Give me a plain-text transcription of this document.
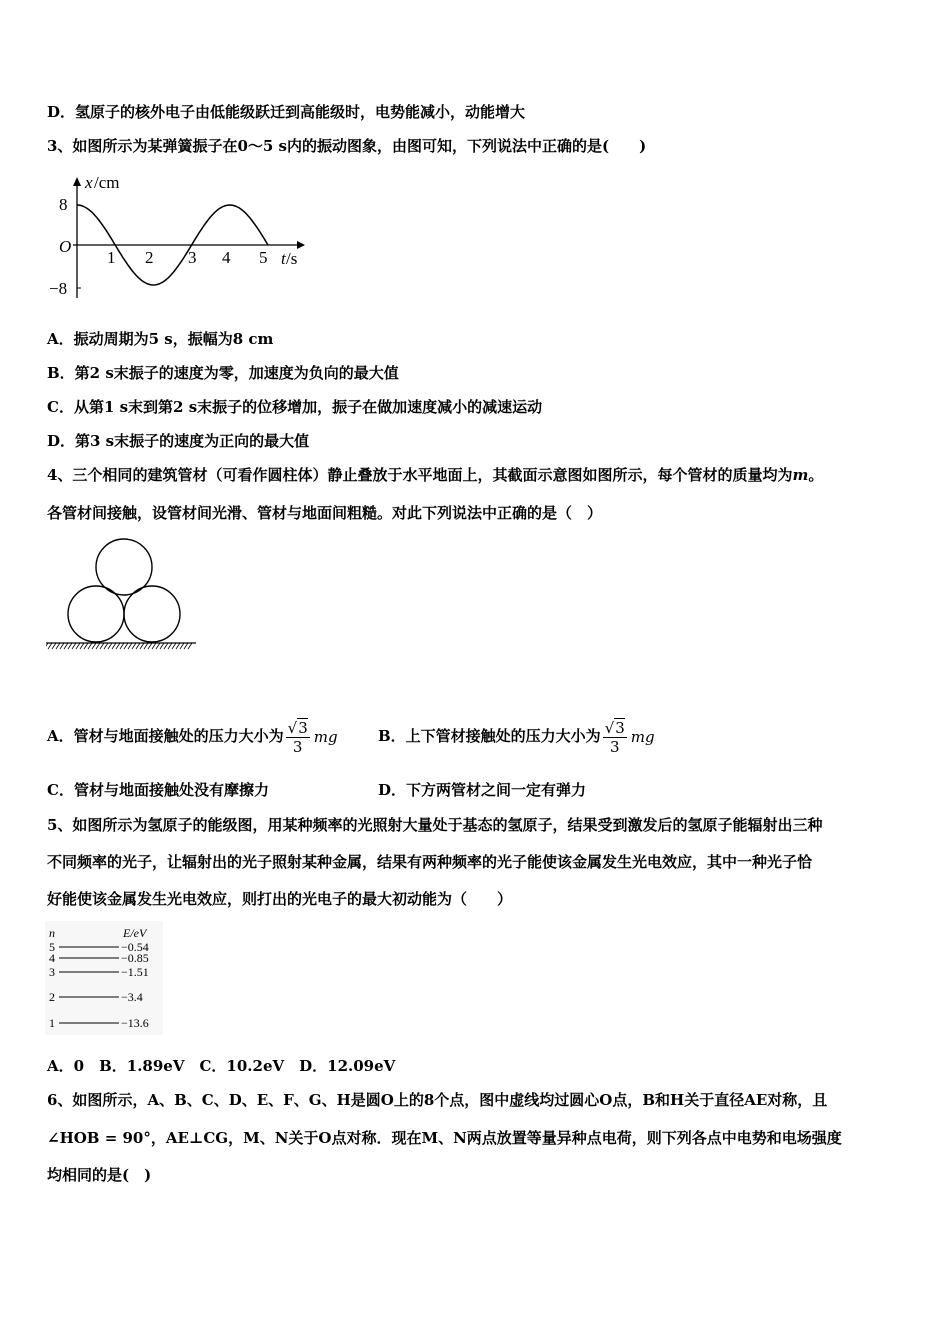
D．氢原子的核外电子由低能级跃迁到高能级时，电势能减小，动能增大
3、如图所示为某弹簧振子在0～5 s内的振动图象，由图可知，下列说法中正确的是(　　)
x /cm
8
O
−8
1 2 3 4 5 t /s
A．振动周期为5 s，振幅为8 cm
B．第2 s末振子的速度为零，加速度为负向的最大值
C．从第1 s末到第2 s末振子的位移增加，振子在做加速度减小的减速运动
D．第3 s末振子的速度为正向的最大值
4、三个相同的建筑管材（可看作圆柱体）静止叠放于水平地面上，其截面示意图如图所示，每个管材的质量均为m。
各管材间接触，设管材间光滑、管材与地面间粗糙。对此下列说法中正确的是（　）
A．管材与地面接触处的压力大小为 $\frac{√3}{3}$ mg	B．上下管材接触处的压力大小为 $\frac{√3}{3}$ mg
C．管材与地面接触处没有摩擦力	D．下方两管材之间一定有弹力
5、如图所示为氢原子的能级图，用某种频率的光照射大量处于基态的氢原子，结果受到激发后的氢原子能辐射出三种
不同频率的光子，让辐射出的光子照射某种金属，结果有两种频率的光子能使该金属发生光电效应，其中一种光子恰
好能使该金属发生光电效应，则打出的光电子的最大初动能为（　　）
n	E/eV
5	−0.54
4	−0.85
3	−1.51
2	−3.4
1	−13.6
A．0　B．1.89eV　C．10.2eV　D．12.09eV
6、如图所示，A、B、C、D、E、F、G、H是圆O上的8个点，图中虚线均过圆心O点，B和H关于直径AE对称，且
∠HOB = 90°，AE⊥CG，M、N关于O点对称．现在M、N两点放置等量异种点电荷，则下列各点中电势和电场强度
均相同的是(　)
